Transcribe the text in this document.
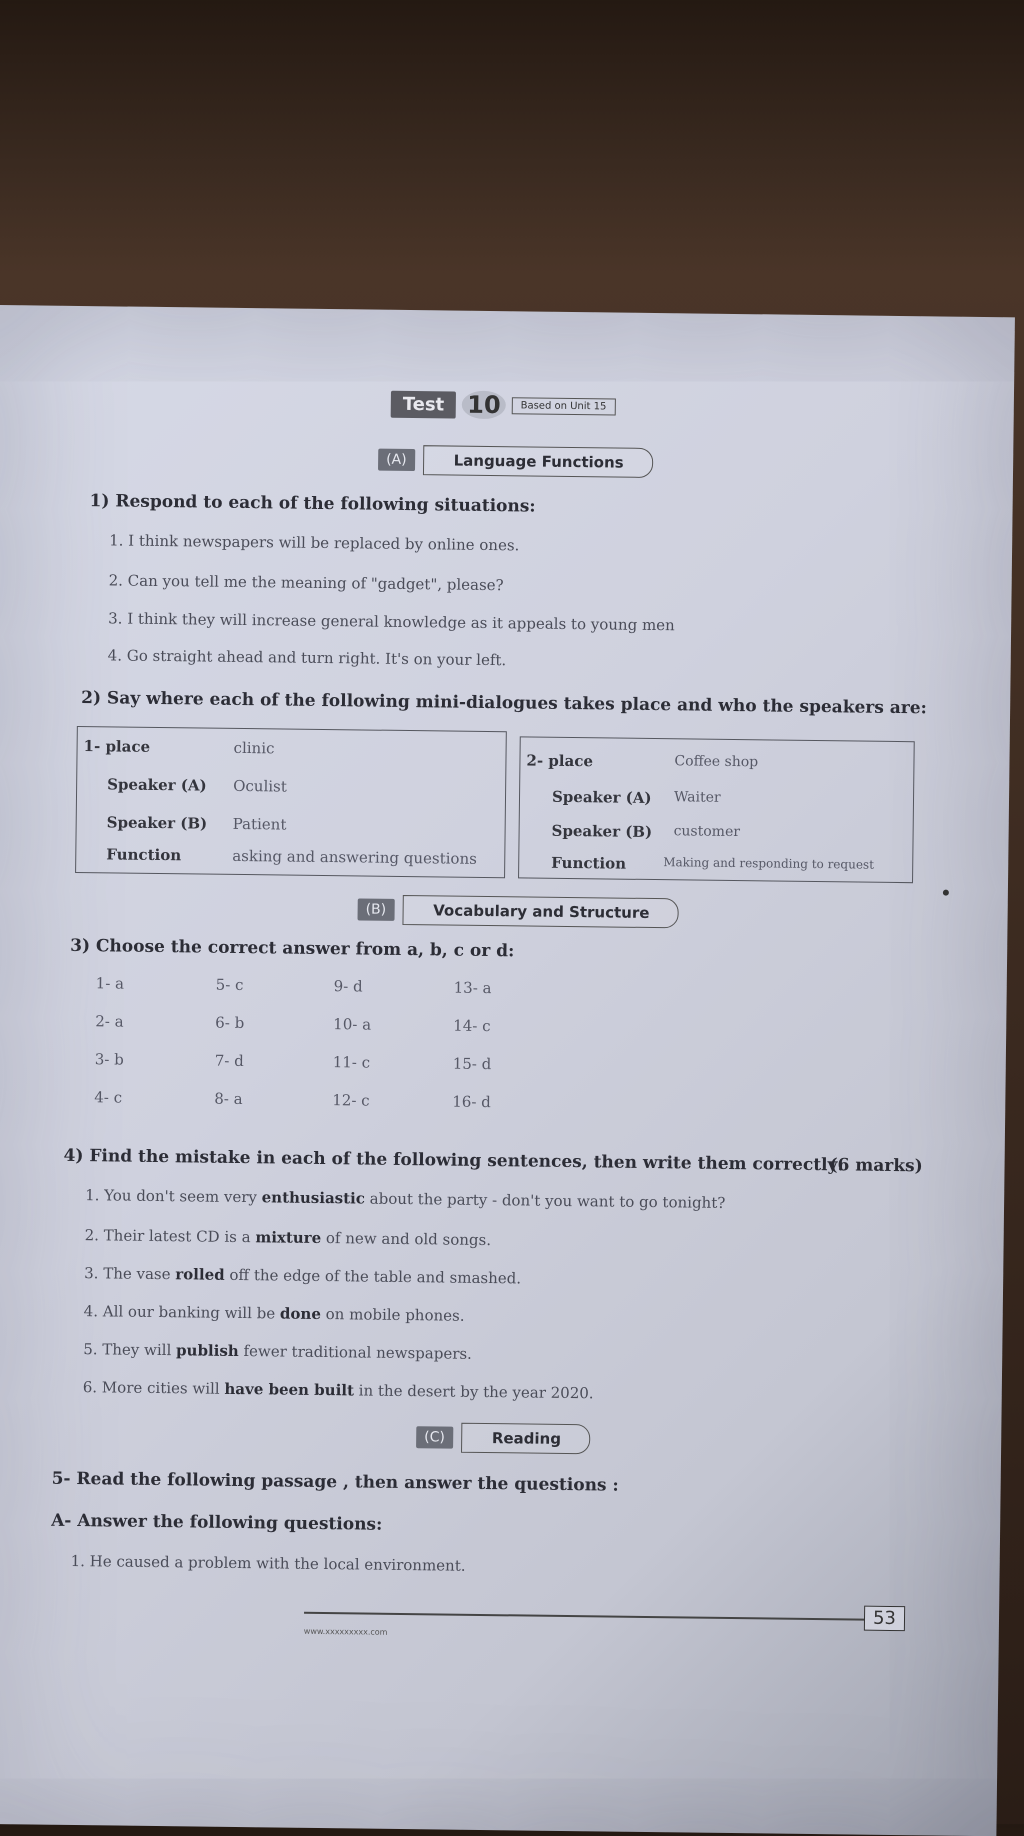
Test 10	Based on Unit 15
(A)	Language Functions
1) Respond to each of the following situations:
1. I think newspapers will be replaced by online ones.
2. Can you tell me the meaning of "gadget", please?
3. I think they will increase general knowledge as it appeals to young men
4. Go straight ahead and turn right. It's on your left.
2) Say where each of the following mini-dialogues takes place and who the speakers are:
1- place	clinic
Speaker (A)	Oculist
Speaker (B)	Patient
Function	asking and answering questions
2- place	Coffee shop
Speaker (A)	Waiter
Speaker (B)	customer
Function	Making and responding to request
(B)	Vocabulary and Structure
3) Choose the correct answer from a, b, c or d:
1- a	5- c	9- d	13- a
2- a	6- b	10- a	14- c
3- b	7- d	11- c	15- d
4- c	8- a	12- c	16- d
4) Find the mistake in each of the following sentences, then write them correctly:
(6 marks)
1. You don't seem very enthusiastic about the party - don't you want to go tonight?
2. Their latest CD is a mixture of new and old songs.
3. The vase rolled off the edge of the table and smashed.
4. All our banking will be done on mobile phones.
5. They will publish fewer traditional newspapers.
6. More cities will have been built in the desert by the year 2020.
(C)	Reading
5- Read the following passage , then answer the questions :
A- Answer the following questions:
1. He caused a problem with the local environment.
www.xxxxxxxxx.com
53
